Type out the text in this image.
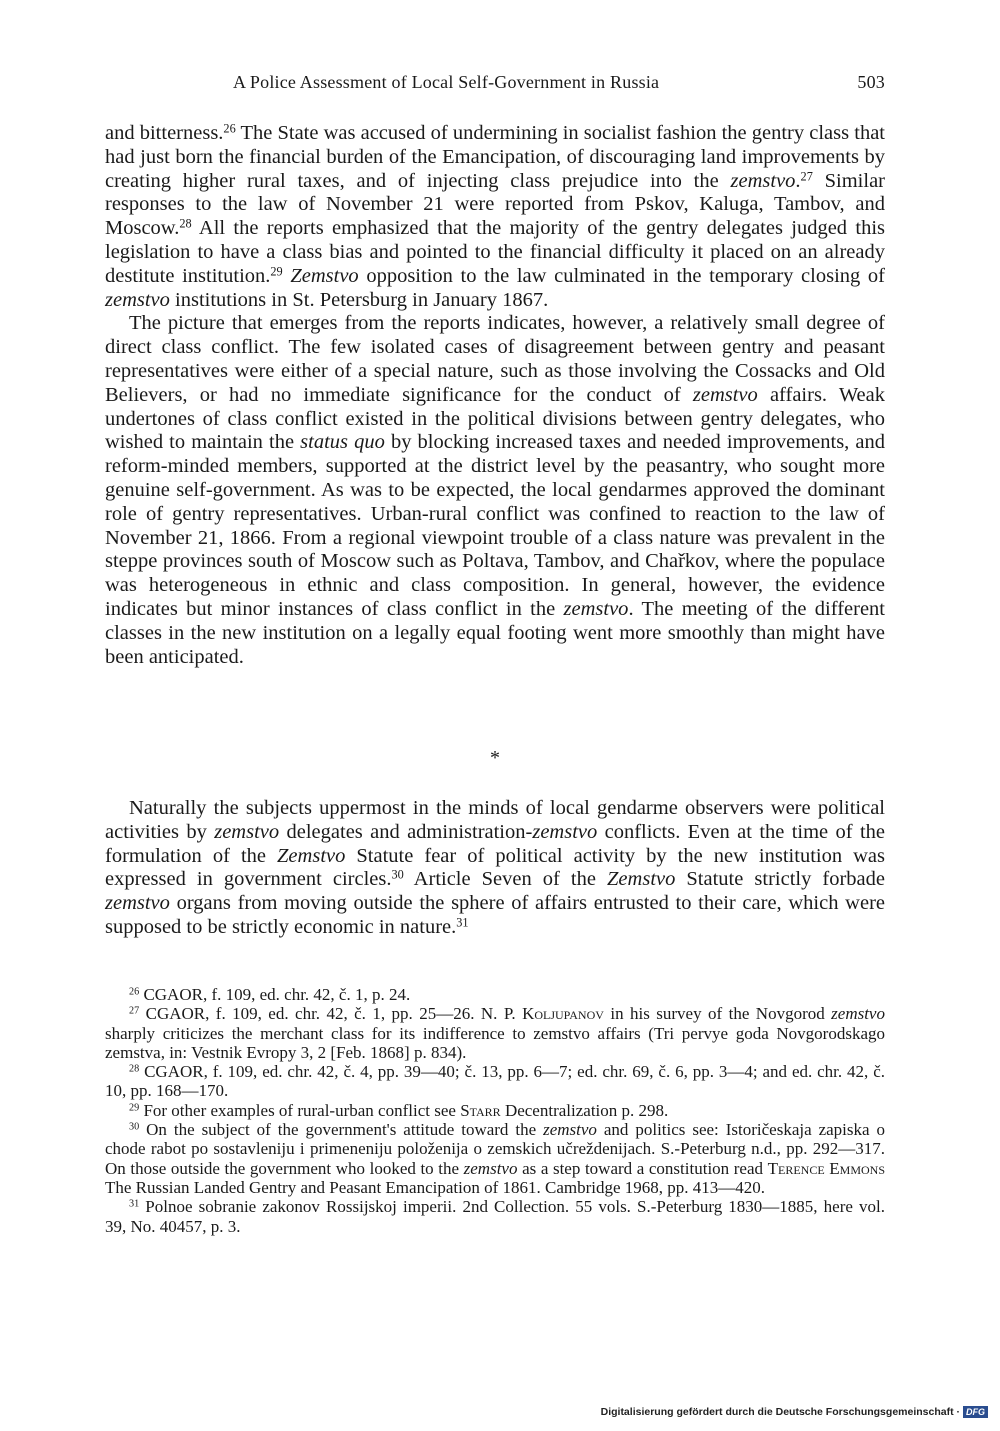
A Police Assessment of Local Self-Government in Russia	503

and bitterness.$^{26}$ The State was accused of undermining in socialist fashion the gentry class that had just born the financial burden of the Emancipation, of discouraging land improvements by creating higher rural taxes, and of injecting class prejudice into the zemstvo.$^{27}$ Similar responses to the law of November 21 were reported from Pskov, Kaluga, Tambov, and Moscow.$^{28}$ All the reports emphasized that the majority of the gentry delegates judged this legislation to have a class bias and pointed to the financial difficulty it placed on an already destitute institution.$^{29}$ Zemstvo opposition to the law culminated in the temporary closing of zemstvo institutions in St. Petersburg in January 1867.

The picture that emerges from the reports indicates, however, a relatively small degree of direct class conflict. The few isolated cases of disagreement between gentry and peasant representatives were either of a special nature, such as those involving the Cossacks and Old Believers, or had no immediate significance for the conduct of zemstvo affairs. Weak undertones of class conflict existed in the political divisions between gentry delegates, who wished to maintain the status quo by blocking increased taxes and needed improvements, and reform-minded members, supported at the district level by the peasantry, who sought more genuine self-government. As was to be expected, the local gendarmes approved the dominant role of gentry representatives. Urban-rural conflict was confined to reaction to the law of November 21, 1866. From a regional viewpoint trouble of a class nature was prevalent in the steppe provinces south of Moscow such as Poltava, Tambov, and Chařkov, where the populace was heterogeneous in ethnic and class composition. In general, however, the evidence indicates but minor instances of class conflict in the zemstvo. The meeting of the different classes in the new institution on a legally equal footing went more smoothly than might have been anticipated.

*

Naturally the subjects uppermost in the minds of local gendarme observers were political activities by zemstvo delegates and administration-zemstvo conflicts. Even at the time of the formulation of the Zemstvo Statute fear of political activity by the new institution was expressed in government circles.$^{30}$ Article Seven of the Zemstvo Statute strictly forbade zemstvo organs from moving outside the sphere of affairs entrusted to their care, which were supposed to be strictly economic in nature.$^{31}$

$^{26}$ CGAOR, f. 109, ed. chr. 42, č. 1, p. 24.

$^{27}$ CGAOR, f. 109, ed. chr. 42, č. 1, pp. 25—26. N. P. Koljupanov in his survey of the Novgorod zemstvo sharply criticizes the merchant class for its indifference to zemstvo affairs (Tri pervye goda Novgorodskago zemstva, in: Vestnik Evropy 3, 2 [Feb. 1868] p. 834).

$^{28}$ CGAOR, f. 109, ed. chr. 42, č. 4, pp. 39—40; č. 13, pp. 6—7; ed. chr. 69, č. 6, pp. 3—4; and ed. chr. 42, č. 10, pp. 168—170.

$^{29}$ For other examples of rural-urban conflict see Starr Decentralization p. 298.

$^{30}$ On the subject of the government's attitude toward the zemstvo and politics see: Istoričeskaja zapiska o chode rabot po sostavleniju i primeneniju položenija o zemskich učreždenijach. S.-Peterburg n.d., pp. 292—317. On those outside the government who looked to the zemstvo as a step toward a constitution read Terence Emmons The Russian Landed Gentry and Peasant Emancipation of 1861. Cambridge 1968, pp. 413—420.

$^{31}$ Polnoe sobranie zakonov Rossijskoj imperii. 2nd Collection. 55 vols. S.-Peterburg 1830—1885, here vol. 39, No. 40457, p. 3.

Digitalisierung gefördert durch die Deutsche Forschungsgemeinschaft · DFG
